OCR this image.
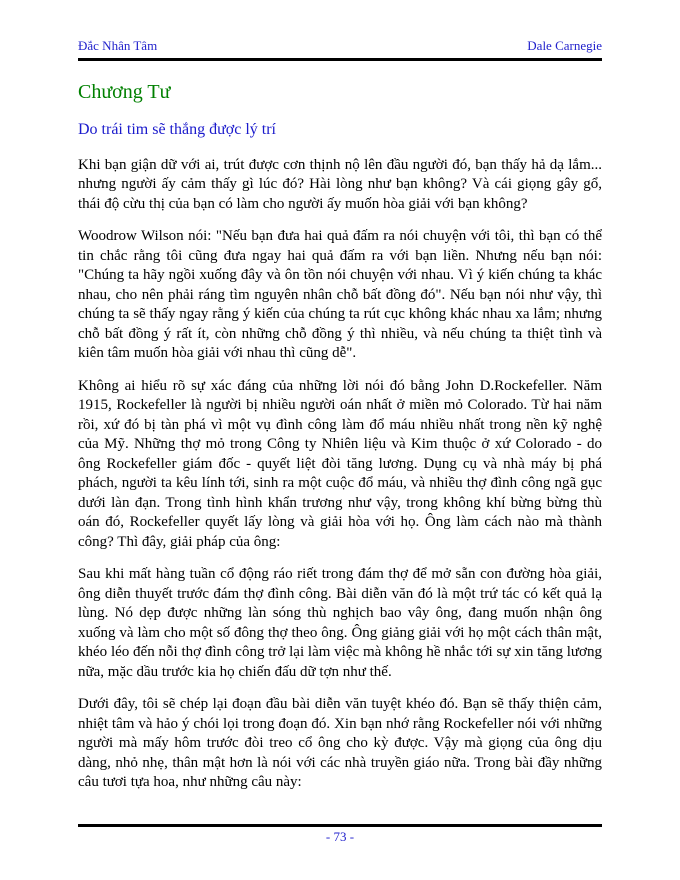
Đắc Nhân Tâm	Dale Carnegie
Chương Tư
Do trái tim sẽ thắng được lý trí

Khi bạn giận dữ với ai, trút được cơn thịnh nộ lên đầu người đó, bạn thấy hả dạ lắm... nhưng người ấy cảm thấy gì lúc đó? Hài lòng như bạn không? Và cái giọng gây gổ, thái độ cừu thị của bạn có làm cho người ấy muốn hòa giải với bạn không?

Woodrow Wilson nói: "Nếu bạn đưa hai quả đấm ra nói chuyện với tôi, thì bạn có thể tin chắc rằng tôi cũng đưa ngay hai quả đấm ra với bạn liền. Nhưng nếu bạn nói: "Chúng ta hãy ngồi xuống đây và ôn tồn nói chuyện với nhau. Vì ý kiến chúng ta khác nhau, cho nên phải ráng tìm nguyên nhân chỗ bất đồng đó". Nếu bạn nói như vậy, thì chúng ta sẽ thấy ngay rằng ý kiến của chúng ta rút cục không khác nhau xa lắm; nhưng chỗ bất đồng ý rất ít, còn những chỗ đồng ý thì nhiều, và nếu chúng ta thiệt tình và kiên tâm muốn hòa giải với nhau thì cũng dễ".

Không ai hiểu rõ sự xác đáng của những lời nói đó bằng John D.Rockefeller. Năm 1915, Rockefeller là người bị nhiều người oán nhất ở miền mỏ Colorado. Từ hai năm rồi, xứ đó bị tàn phá vì một vụ đình công làm đổ máu nhiều nhất trong nền kỹ nghệ của Mỹ. Những thợ mỏ trong Công ty Nhiên liệu và Kim thuộc ở xứ Colorado - do ông Rockefeller giám đốc - quyết liệt đòi tăng lương. Dụng cụ và nhà máy bị phá phách, người ta kêu lính tới, sinh ra một cuộc đổ máu, và nhiều thợ đình công ngã gục dưới làn đạn. Trong tình hình khẩn trương như vậy, trong không khí bừng bừng thù oán đó, Rockefeller quyết lấy lòng và giải hòa với họ. Ông làm cách nào mà thành công? Thì đây, giải pháp của ông:

Sau khi mất hàng tuần cổ động ráo riết trong đám thợ để mở sẵn con đường hòa giải, ông diễn thuyết trước đám thợ đình công. Bài diễn văn đó là một trứ tác có kết quả lạ lùng. Nó dẹp được những làn sóng thù nghịch bao vây ông, đang muốn nhận ông xuống và làm cho một số đông thợ theo ông. Ông giảng giải với họ một cách thân mật, khéo léo đến nỗi thợ đình công trở lại làm việc mà không hề nhắc tới sự xin tăng lương nữa, mặc dầu trước kia họ chiến đấu dữ tợn như thế.

Dưới đây, tôi sẽ chép lại đoạn đầu bài diễn văn tuyệt khéo đó. Bạn sẽ thấy thiện cảm, nhiệt tâm và hảo ý chói lọi trong đoạn đó. Xin bạn nhớ rằng Rockefeller nói với những người mà mấy hôm trước đòi treo cổ ông cho kỳ được. Vậy mà giọng của ông dịu dàng, nhỏ nhẹ, thân mật hơn là nói với các nhà truyền giáo nữa. Trong bài đầy những câu tươi tựa hoa, như những câu này:

- 73 -
